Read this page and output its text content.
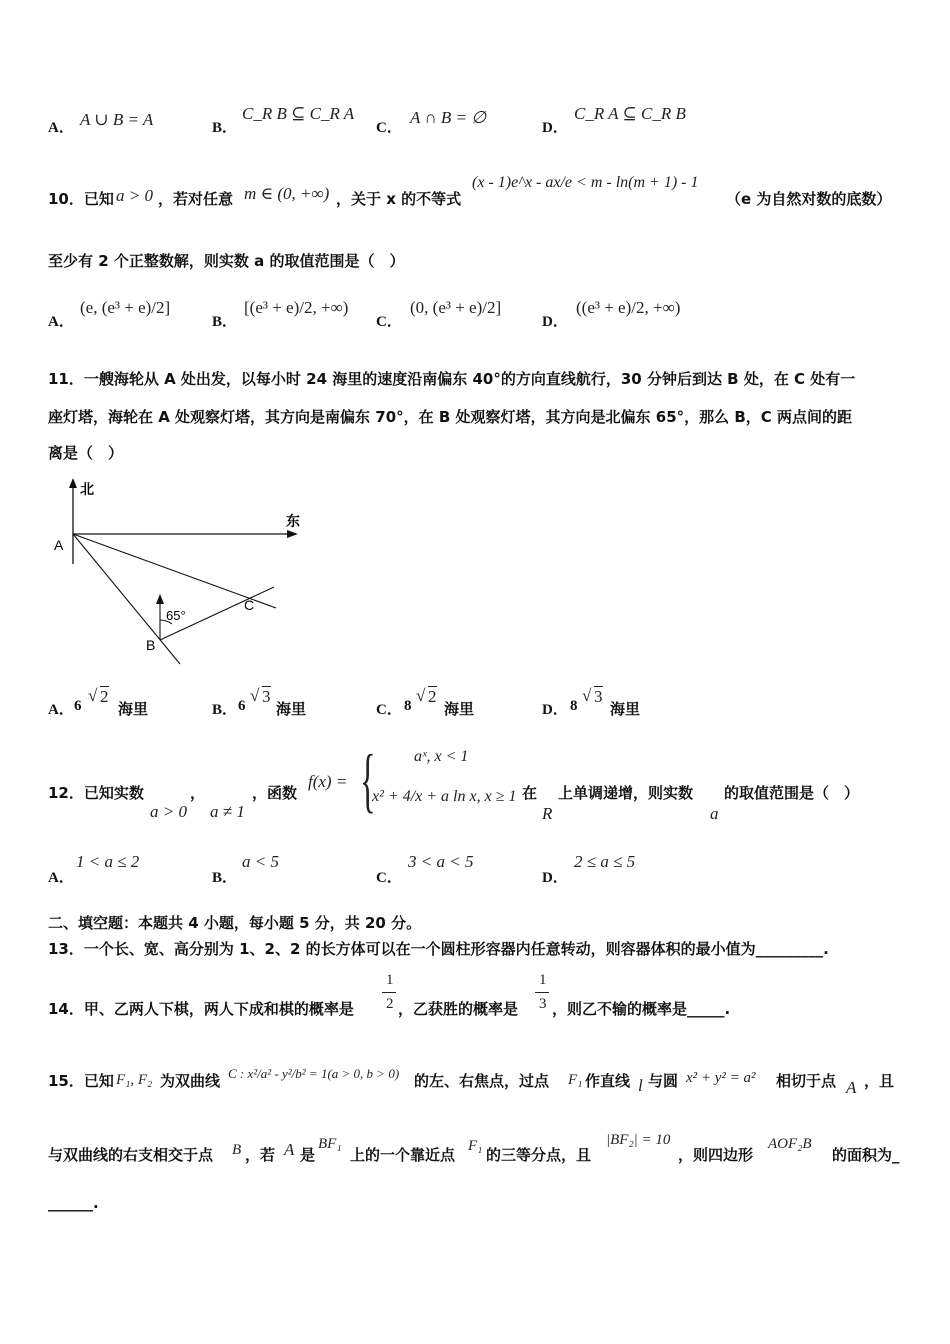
A． A ∪ B = A	B．
C_R B ⊆ C_R A
C．
A ∩ B = ∅
D．
C_R A ⊆ C_R B
10．已知 a > 0 ，若对任意 m ∈ (0, +∞) ，关于 x 的不等式
(x - 1)e^x - ax/e < m - ln(m + 1) - 1
（e 为自然对数的底数）
至少有 2 个正整数解，则实数 a 的取值范围是（　）
A．
(e, (e³ + e)/2]
B．
[(e³ + e)/2, +∞)
C．
(0, (e³ + e)/2]
D．
((e³ + e)/2, +∞)
11．一艘海轮从 A 处出发，以每小时 24 海里的速度沿南偏东 40°的方向直线航行，30 分钟后到达 B 处，在 C 处有一
座灯塔，海轮在 A 处观察灯塔，其方向是南偏东 70°，在 B 处观察灯塔，其方向是北偏东 65°，那么 B，C 两点间的距
离是（　）
北
东
A
65°
B
C
A． 6
√ 2
海里	B． 6
√ 3
海里	C． 8
√ 2
海里	D． 8
√ 3
海里
12．已知实数	，	，函数
a > 0 a ≠ 1
f(x) = { aˣ, x < 1
x² + 4/x + a ln x, x ≥ 1 在
R
上单调递增，则实数
a
的取值范围是（　）
A．
1 < a ≤ 2
B．
a < 5
C．
3 < a < 5
D．
2 ≤ a ≤ 5
二、填空题：本题共 4 小题，每小题 5 分，共 20 分。
13．一个长、宽、高分别为 1、2、2 的长方体可以在一个圆柱形容器内任意转动，则容器体积的最小值为_________.
14．甲、乙两人下棋，两人下成和棋的概率是
1
2 ，乙获胜的概率是
1
3 ，则乙不输的概率是_____.
15．已知 F₁, F₂ 为双曲线 C : x²/a² - y²/b² = 1(a > 0, b > 0) 的左、右焦点，过点 F₁ 作直线 l 与圆 x² + y² = a² 相切于点 A ，且
与双曲线的右支相交于点 B ，若 A 是
BF₁
上的一个靠近点 F₁ 的三等分点，且
|BF₂| = 10
，则四边形
AOF₂B
的面积为_
______.
